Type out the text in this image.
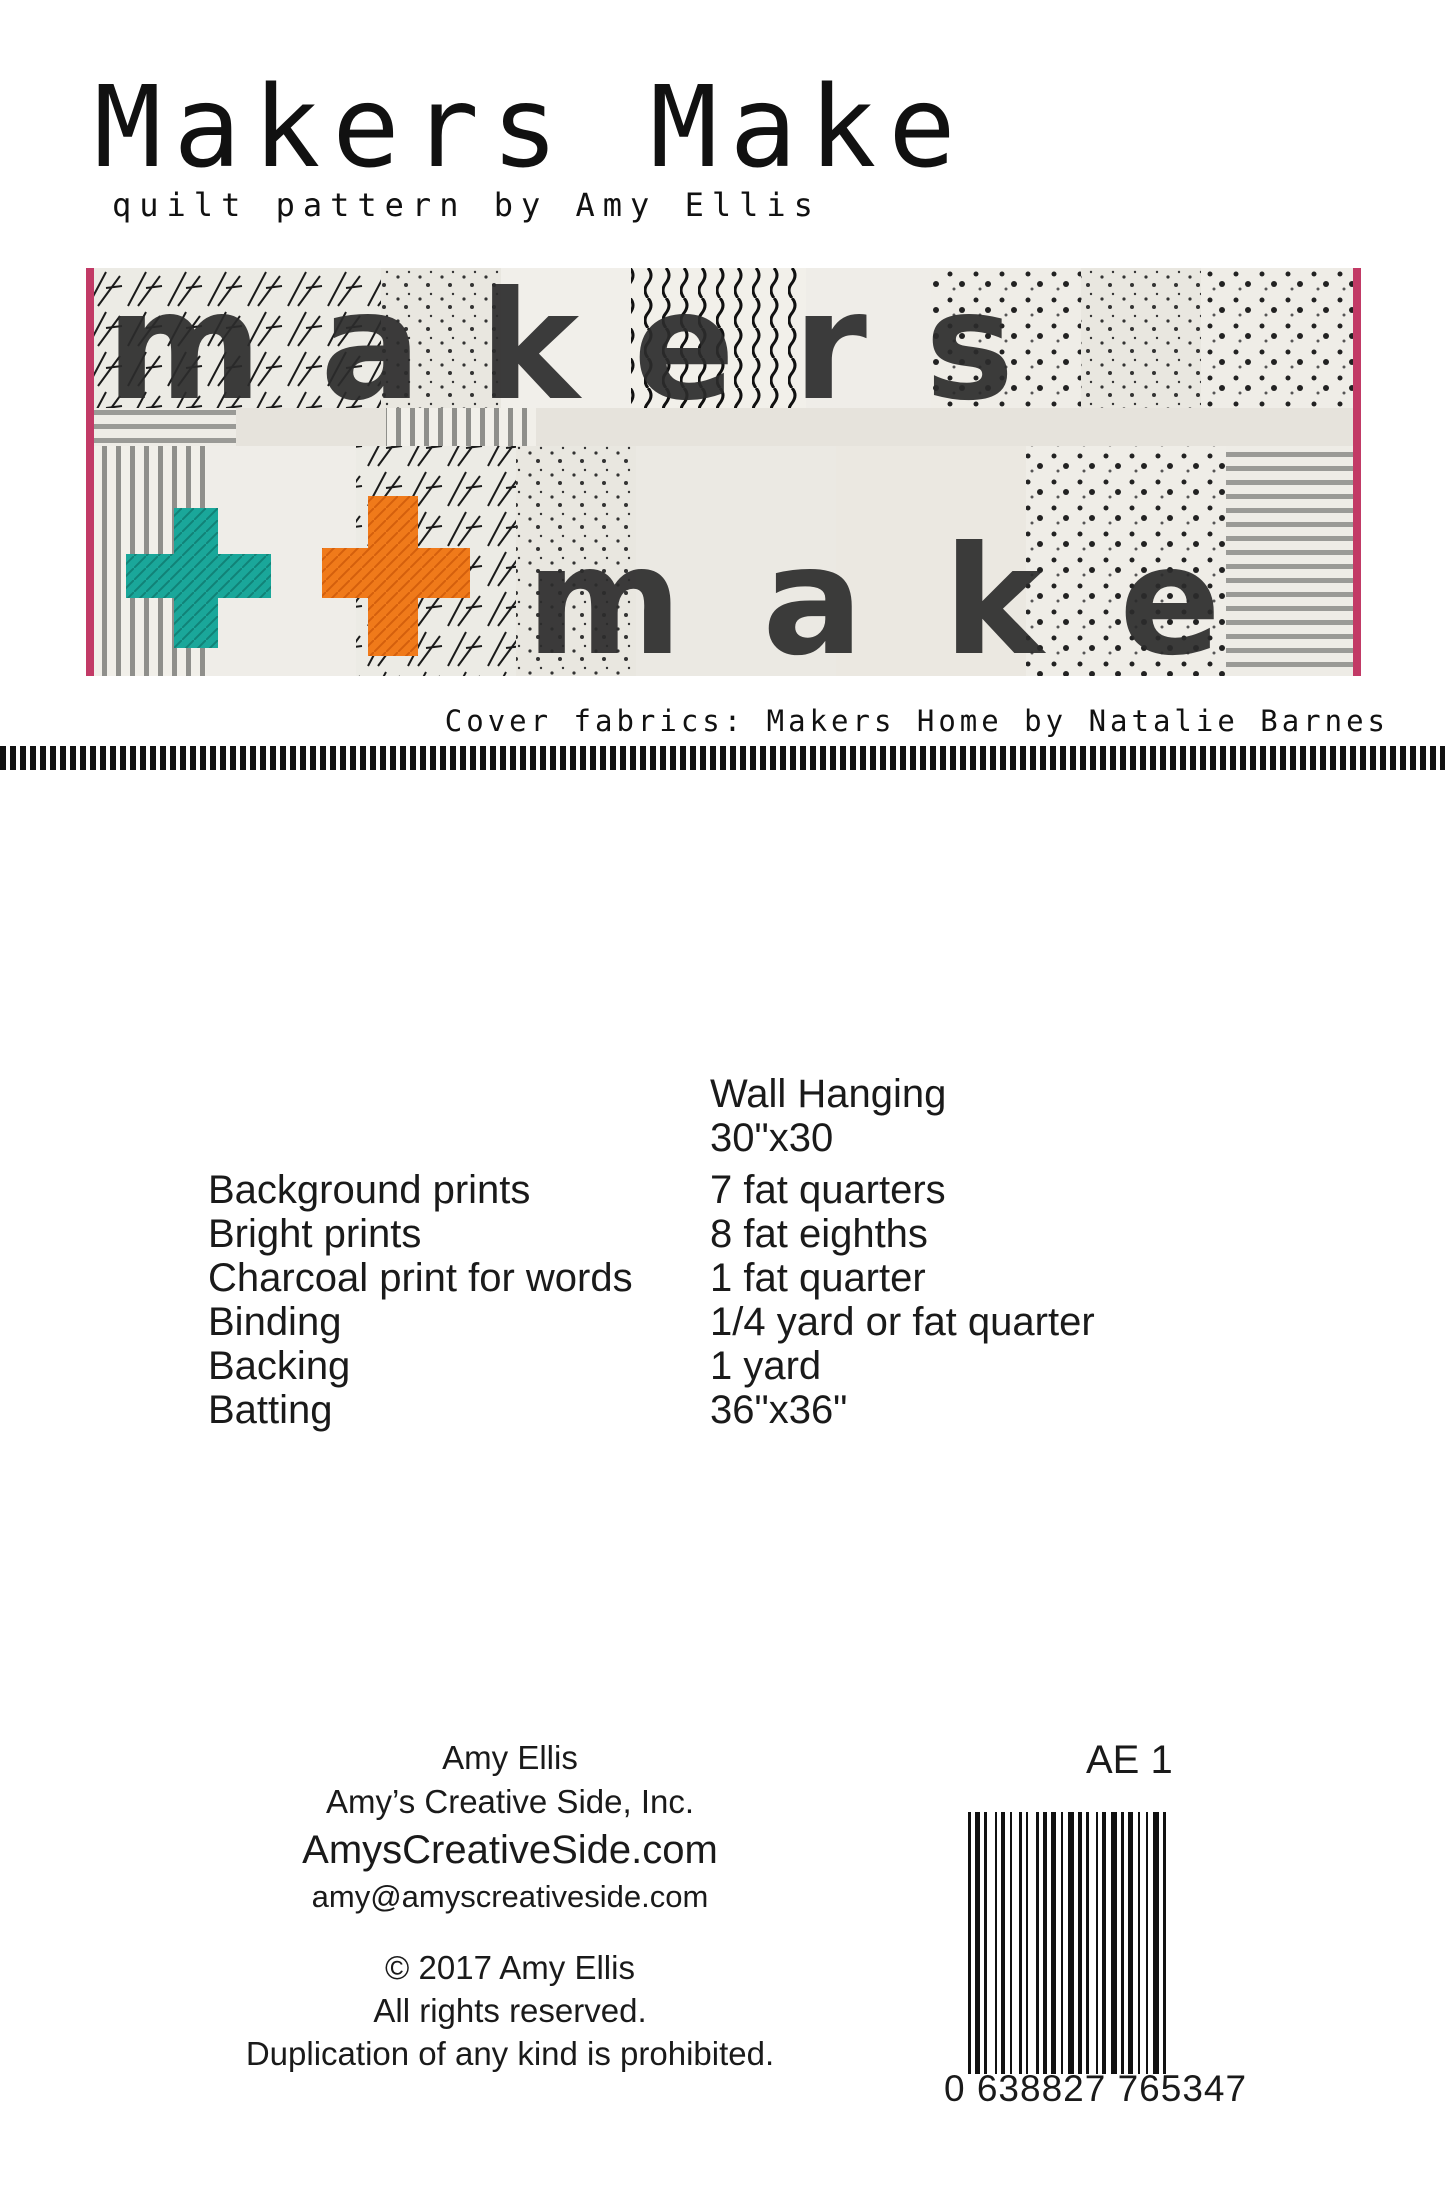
Makers Make
quilt pattern by Amy Ellis
makers
make
Cover fabrics: Makers Home by Natalie Barnes
Wall Hanging
30"x30
Background prints	7 fat quarters
Bright prints	8 fat eighths
Charcoal print for words 1 fat quarter
Binding	1/4 yard or fat quarter
Backing	1 yard
Batting	36"x36"
Amy Ellis
Amy’s Creative Side, Inc.
AmysCreativeSide.com
amy@amyscreativeside.com
© 2017 Amy Ellis
All rights reserved.
Duplication of any kind is prohibited.
AE 1
0 638827 765347
